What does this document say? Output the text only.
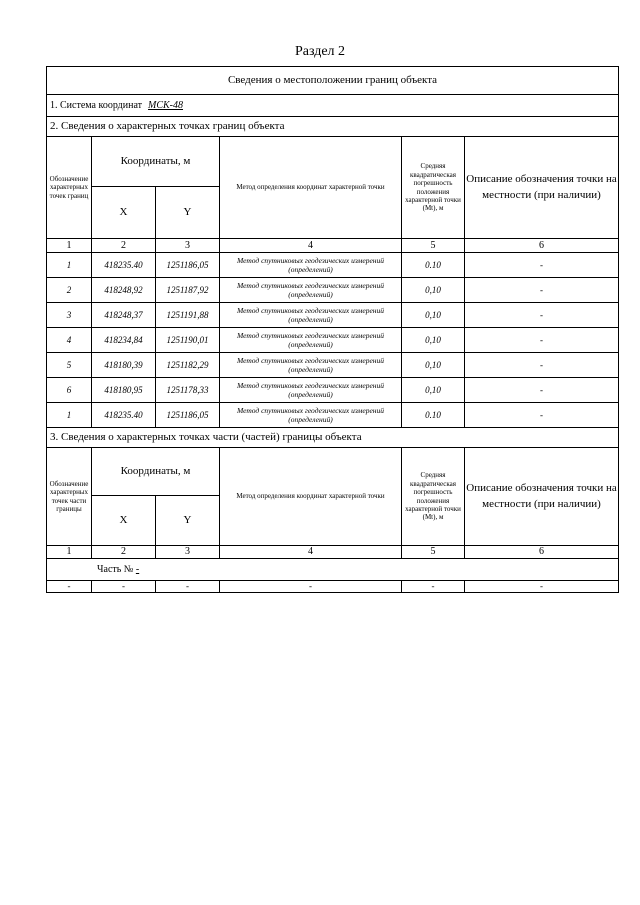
Раздел 2
Сведения о местоположении границ объекта					
1. Система координат МСК-48					
2. Сведения о характерных точках границ объекта					
Обозначение характерных точек границ	Координаты, м		Метод определения координат характерной точки	Средняя квадратическая погрешность положения характерной точки (Mt), м	Описание обозначения точки на местности (при наличии)
	X	Y			
1	2	3	4	5	6
1	418235.40	1251186,05	Метод спутниковых геодезических измерений (определений)	0.10	-
2	418248,92	1251187,92	Метод спутниковых геодезических измерений (определений)	0,10	-
3	418248,37	1251191,88	Метод спутниковых геодезических измерений (определений)	0,10	-
4	418234,84	1251190,01	Метод спутниковых геодезических измерений (определений)	0,10	-
5	418180,39	1251182,29	Метод спутниковых геодезических измерений (определений)	0,10	-
6	418180,95	1251178,33	Метод спутниковых геодезических измерений (определений)	0,10	-
1	418235.40	1251186,05	Метод спутниковых геодезических измерений (определений)	0.10	-
3. Сведения о характерных точках части (частей) границы объекта					
Обозначение характерных точек части границы	Координаты, м		Метод определения координат характерной точки	Средняя квадратическая погрешность положения характерной точки (Mt), м	Описание обозначения точки на местности (при наличии)
	X	Y			
1	2	3	4	5	6
Часть № -					
-	-	-	-	-	-
